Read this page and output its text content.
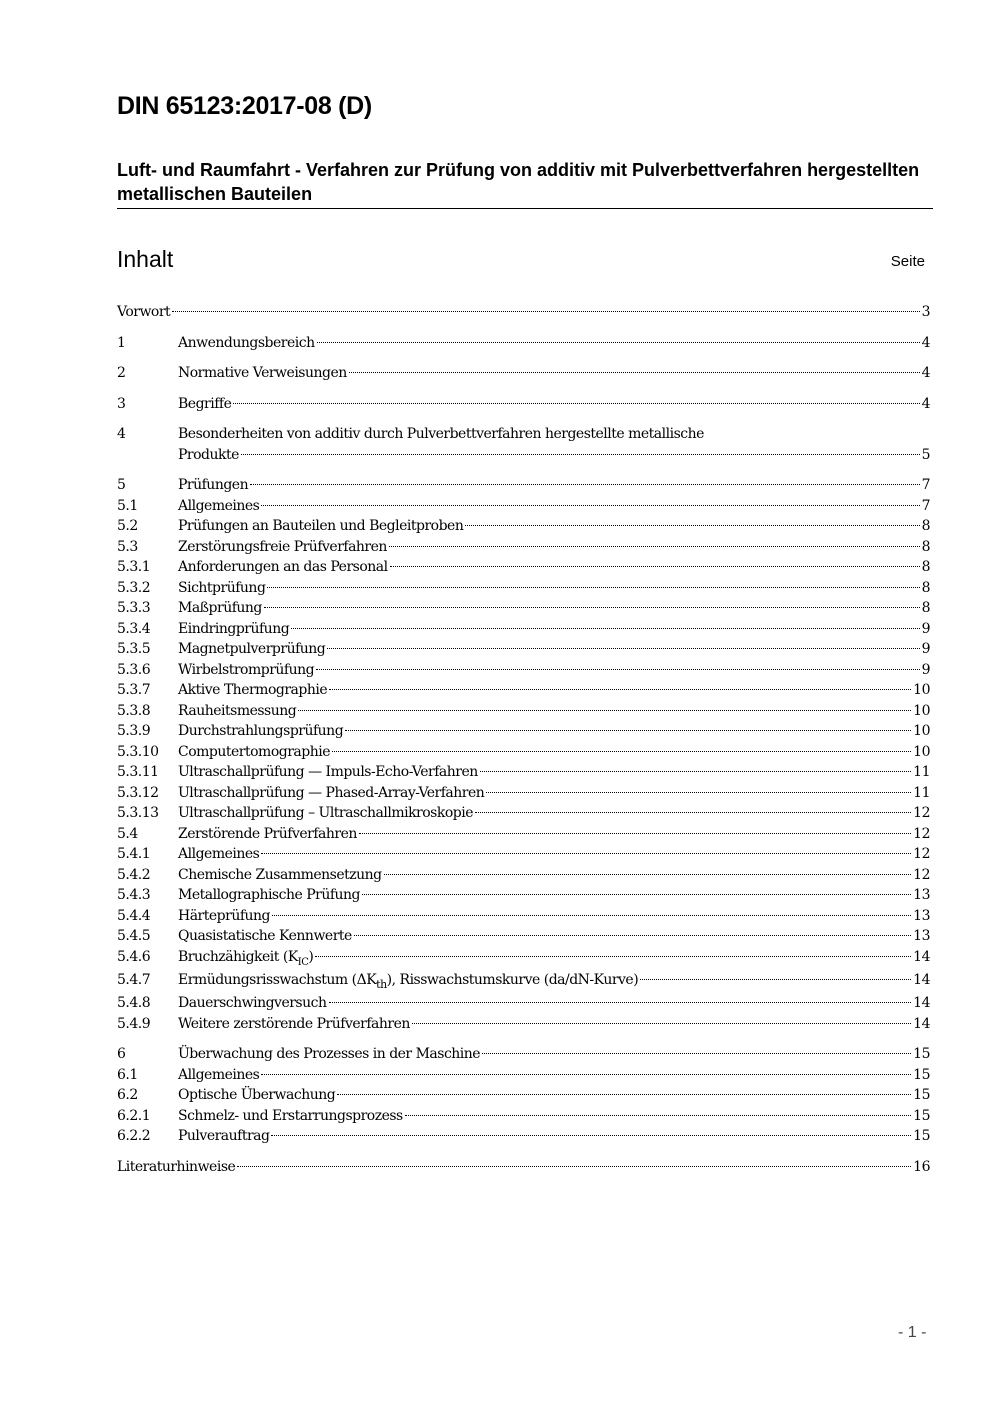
DIN 65123:2017-08 (D)
Luft- und Raumfahrt - Verfahren zur Prüfung von additiv mit Pulverbettverfahren hergestellten metallischen Bauteilen
Inhalt	Seite
Vorwort	3
1	Anwendungsbereich	4
2	Normative Verweisungen	4
3	Begriffe	4
4	Besonderheiten von additiv durch Pulverbettverfahren hergestellte metallische
Produkte	5
5	Prüfungen	7
5.1	Allgemeines	7
5.2	Prüfungen an Bauteilen und Begleitproben	8
5.3	Zerstörungsfreie Prüfverfahren	8
5.3.1	Anforderungen an das Personal	8
5.3.2	Sichtprüfung	8
5.3.3	Maßprüfung	8
5.3.4	Eindringprüfung	9
5.3.5	Magnetpulverprüfung	9
5.3.6	Wirbelstromprüfung	9
5.3.7	Aktive Thermographie	10
5.3.8	Rauheitsmessung	10
5.3.9	Durchstrahlungsprüfung	10
5.3.10	Computertomographie	10
5.3.11	Ultraschallprüfung — Impuls-Echo-Verfahren	11
5.3.12	Ultraschallprüfung — Phased-Array-Verfahren	11
5.3.13	Ultraschallprüfung – Ultraschallmikroskopie	12
5.4	Zerstörende Prüfverfahren	12
5.4.1	Allgemeines	12
5.4.2	Chemische Zusammensetzung	12
5.4.3	Metallographische Prüfung	13
5.4.4	Härteprüfung	13
5.4.5	Quasistatische Kennwerte	13
5.4.6	Bruchzähigkeit $(K_{IC})$	14
5.4.7	Ermüdungsrisswachstum $(\Delta K_{th})$, Risswachstumskurve (da/dN-Kurve)	14
5.4.8	Dauerschwingversuch	14
5.4.9	Weitere zerstörende Prüfverfahren	14
6	Überwachung des Prozesses in der Maschine	15
6.1	Allgemeines	15
6.2	Optische Überwachung	15
6.2.1	Schmelz- und Erstarrungsprozess	15
6.2.2	Pulverauftrag	15
Literaturhinweise	16
- 1 -
